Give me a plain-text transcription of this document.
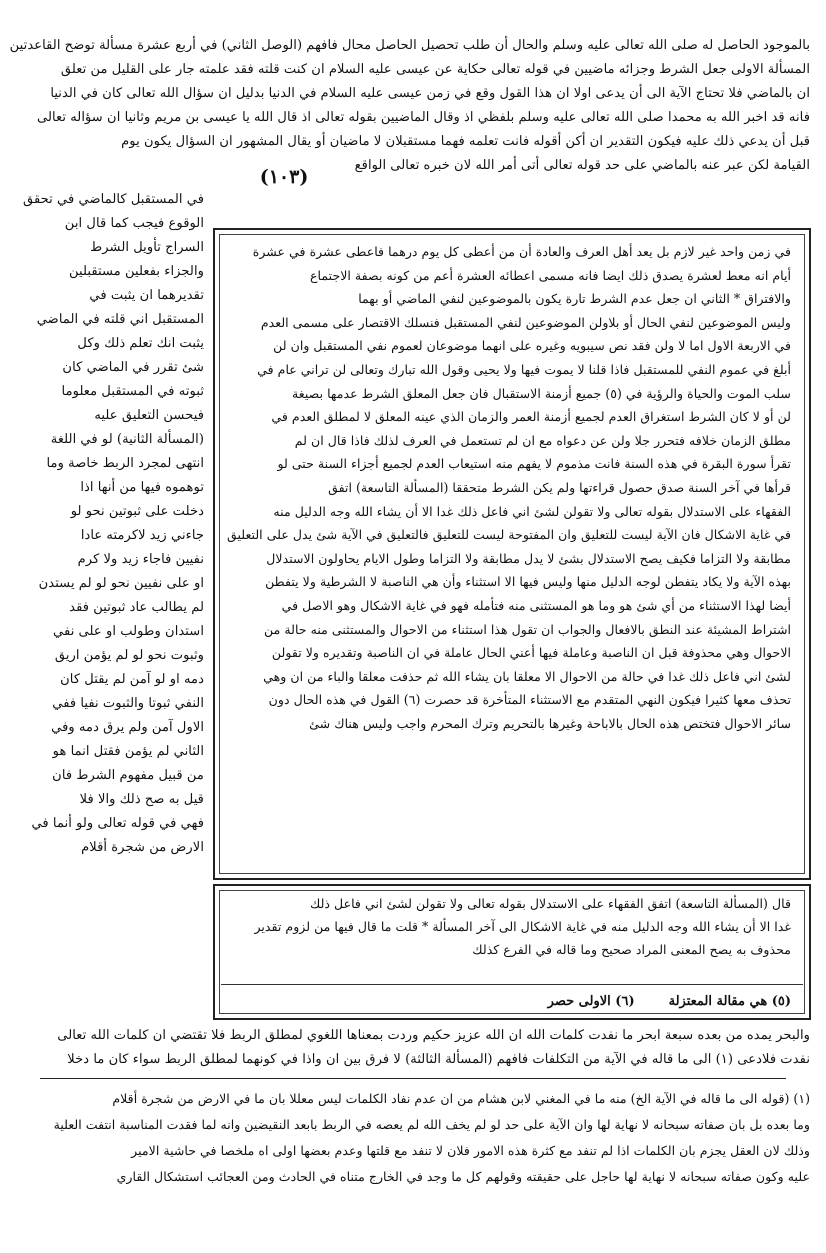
بالموجود الحاصل له صلى الله تعالى عليه وسلم والحال أن طلب تحصيل الحاصل محال فافهم (الوصل الثاني) في أربع عشرة مسألة توضح القاعدتين
المسألة الاولى جعل الشرط وجزائه ماضيين في قوله تعالى حكاية عن عيسى عليه السلام ان كنت قلته فقد علمته جار على القليل من تعلق
ان بالماضي فلا تحتاج الآية الى أن يدعى اولا ان هذا القول وقع في زمن عيسى عليه السلام في الدنيا بدليل ان سؤال الله تعالى كان في الدنيا
فانه قد اخبر الله به محمدا صلى الله تعالى عليه وسلم بلفظي اذ وقال الماضيين بقوله تعالى اذ قال الله يا عيسى بن مريم وثانيا ان سؤاله تعالى
قبل أن يدعي ذلك عليه فيكون التقدير ان أكن أقوله فانت تعلمه فهما مستقبلان لا ماضيان أو يقال المشهور ان السؤال يكون يوم
القيامة لكن عبر عنه بالماضي على حد قوله تعالى أتى أمر الله لان خبره تعالى الواقع
(١٠٣)
في المستقبل كالماضي في تحقق
الوقوع فيجب كما قال ابن
السراج تأويل الشرط
والجزاء بفعلين مستقبلين
تقديرهما ان يثبت في
المستقبل اني قلته في الماضي
يثبت انك تعلم ذلك وكل
شئ تقرر في الماضي كان
ثبوته في المستقبل معلوما
فيحسن التعليق عليه
(المسألة الثانية) لو في اللغة
انتهى لمجرد الربط خاصة وما
توهموه فيها من أنها اذا
دخلت على ثبوتين نحو لو
جاءني زيد لاكرمته عادا
نفيين فاجاء زيد ولا كرم
او على نفيين نحو لو لم يستدن
لم يطالب عاد ثبوتين فقد
استدان وطولب او على نفي
وثبوت نحو لو لم يؤمن اريق
دمه او لو آمن لم يقتل كان
النفي ثبوتا والثبوت نفيا ففي
الاول آمن ولم يرق دمه وفي
الثاني لم يؤمن فقتل انما هو
من قبيل مفهوم الشرط فان
قيل به صح ذلك والا فلا
فهي في قوله تعالى ولو أنما في
الارض من شجرة أقلام
في زمن واحد غير لازم بل يعد أهل العرف والعادة أن من أعطى كل يوم درهما فاعطى عشرة في عشرة
أيام انه معط لعشرة يصدق ذلك ايضا فانه مسمى اعطائه العشرة أعم من كونه بصفة الاجتماع
والافتراق * الثاني ان جعل عدم الشرط تارة يكون بالموضوعين لنفي الماضي أو بهما
وليس الموضوعين لنفي الحال أو بلاولن الموضوعين لنفي المستقبل فنسلك الاقتصار على مسمى العدم
في الاربعة الاول اما لا ولن فقد نص سيبويه وغيره على انهما موضوعان لعموم نفي المستقبل وان لن
أبلغ في عموم النفي للمستقبل فاذا قلنا لا يموت فيها ولا يحيى وقول الله تبارك وتعالى لن تراني عام في
سلب الموت والحياة والرؤية في (٥) جميع أزمنة الاستقبال فان جعل المعلق الشرط عدمها بصيغة
لن أو لا كان الشرط استغراق العدم لجميع أزمنة العمر والزمان الذي عينه المعلق لا لمطلق العدم في
مطلق الزمان خلافه فتحرر جلا ولن عن دعواه مع ان لم تستعمل في العرف لذلك فاذا قال ان لم
تقرأ سورة البقرة في هذه السنة فانت مذموم لا يفهم منه استيعاب العدم لجميع أجزاء السنة حتى لو
قرأها في آخر السنة صدق حصول قراءتها ولم يكن الشرط متحققا (المسألة التاسعة) اتفق
الفقهاء على الاستدلال بقوله تعالى ولا تقولن لشئ اني فاعل ذلك غدا الا أن يشاء الله وجه الدليل منه
في غاية الاشكال فان الآية ليست للتعليق وان المفتوحة ليست للتعليق فالتعليق في الآية شئ يدل على التعليق
مطابقة ولا التزاما فكيف يصح الاستدلال بشئ لا يدل مطابقة ولا التزاما وطول الايام يحاولون الاستدلال
بهذه الآية ولا يكاد يتفطن لوجه الدليل منها وليس فيها الا استثناء وأن هي الناصبة لا الشرطية ولا يتفطن
أيضا لهذا الاستثناء من أي شئ هو وما هو المستثنى منه فتأمله فهو في غاية الاشكال وهو الاصل في
اشتراط المشيئة عند النطق بالافعال والجواب ان تقول هذا استثناء من الاحوال والمستثنى منه حالة من
الاحوال وهي محذوفة قبل ان الناصبة وعاملة فيها أعني الحال عاملة في ان الناصبة وتقديره ولا تقولن
لشئ اني فاعل ذلك غدا في حالة من الاحوال الا معلقا بان يشاء الله ثم حذفت معلقا والباء من ان وهي
تحذف معها كثيرا فيكون النهي المتقدم مع الاستثناء المتأخرة قد حصرت (٦) القول في هذه الحال دون
سائر الاحوال فتختص هذه الحال بالاباحة وغيرها بالتحريم وترك المحرم واجب وليس هناك شئ
قال (المسألة التاسعة) اتفق الفقهاء على الاستدلال بقوله تعالى ولا تقولن لشئ اني فاعل ذلك
غدا الا أن يشاء الله وجه الدليل منه في غاية الاشكال الى آخر المسألة * قلت ما قال فيها من لزوم تقدير
محذوف به يصح المعنى المراد صحيح وما قاله في الفرع كذلك
(٥) هي مقالة المعتزلة
(٦) الاولى حصر
والبحر يمده من بعده سبعة ابحر ما نفدت كلمات الله ان الله عزيز حكيم وردت بمعناها اللغوي لمطلق الربط فلا تقتضي ان كلمات الله تعالى
نفدت فلادعى (١) الى ما قاله في الآية من التكلفات فافهم (المسألة الثالثة) لا فرق بين ان واذا في كونهما لمطلق الربط سواء كان ما دخلا
(١) (قوله الى ما قاله في الآية الخ) منه ما في المغني لابن هشام من ان عدم نفاد الكلمات ليس معللا بان ما في الارض من شجرة أقلام
وما بعده بل بان صفاته سبحانه لا نهاية لها وان الآية على حد لو لم يخف الله لم يعصه في الربط بابعد النقيضين وانه لما فقدت المناسبة انتفت العلية
وذلك لان العقل يجزم بان الكلمات اذا لم تنفد مع كثرة هذه الامور فلان لا تنفد مع قلتها وعدم بعضها اولى اه ملخصا في حاشية الامير
عليه وكون صفاته سبحانه لا نهاية لها حاجل على حقيقته وقولهم كل ما وجد في الخارج متناه في الحادث ومن العجائب استشكال القاري
